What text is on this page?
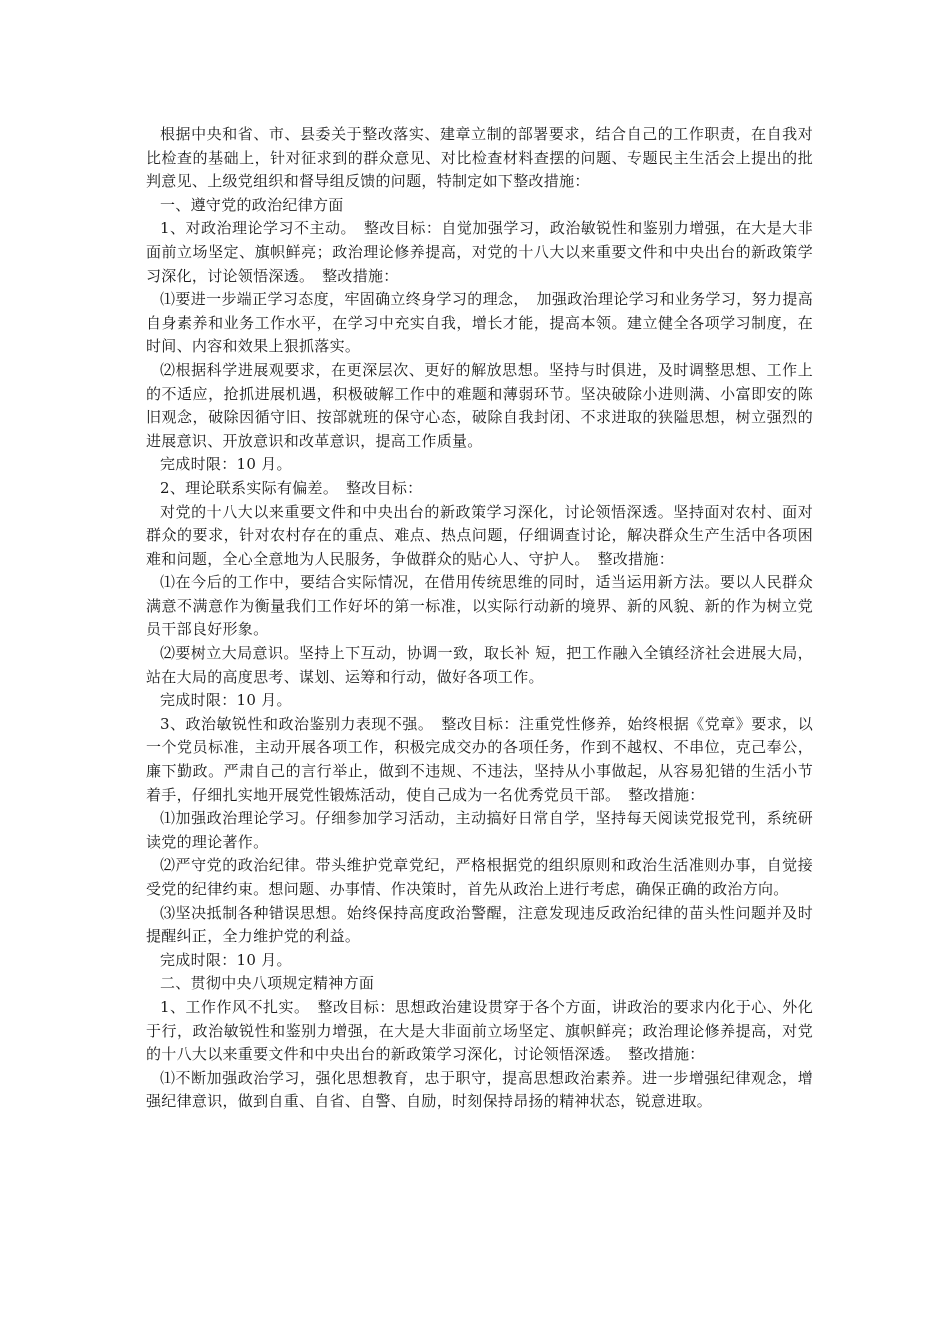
根据中央和省、市、县委关于整改落实、建章立制的部署要求，结合自己的工作职责，在自我对比检查的基础上，针对征求到的群众意见、对比检查材料查摆的问题、专题民主生活会上提出的批判意见、上级党组织和督导组反馈的问题，特制定如下整改措施：

一、遵守党的政治纪律方面

1、对政治理论学习不主动。　整改目标：自觉加强学习，政治敏锐性和鉴别力增强，在大是大非面前立场坚定、旗帜鲜亮；政治理论修养提高，对党的十八大以来重要文件和中央出台的新政策学习深化，讨论领悟深透。　整改措施：

⑴要进一步端正学习态度，牢固确立终身学习的理念，　加强政治理论学习和业务学习，努力提高自身素养和业务工作水平，在学习中充实自我，增长才能，提高本领。建立健全各项学习制度，在时间、内容和效果上狠抓落实。

⑵根据科学进展观要求，在更深层次、更好的解放思想。坚持与时俱进，及时调整思想、工作上的不适应，抢抓进展机遇，积极破解工作中的难题和薄弱环节。坚决破除小进则满、小富即安的陈旧观念，破除因循守旧、按部就班的保守心态，破除自我封闭、不求进取的狭隘思想，树立强烈的进展意识、开放意识和改革意识，提高工作质量。

完成时限：10 月。

2、理论联系实际有偏差。　整改目标：

对党的十八大以来重要文件和中央出台的新政策学习深化，讨论领悟深透。坚持面对农村、面对群众的要求，针对农村存在的重点、难点、热点问题，仔细调查讨论，解决群众生产生活中各项困难和问题，全心全意地为人民服务，争做群众的贴心人、守护人。　整改措施：

⑴在今后的工作中，要结合实际情况，在借用传统思维的同时，适当运用新方法。要以人民群众满意不满意作为衡量我们工作好坏的第一标准，以实际行动新的境界、新的风貌、新的作为树立党员干部良好形象。

⑵要树立大局意识。坚持上下互动，协调一致，取长补 短，把工作融入全镇经济社会进展大局，站在大局的高度思考、谋划、运筹和行动，做好各项工作。

完成时限：10 月。

3、政治敏锐性和政治鉴别力表现不强。　整改目标：注重党性修养，始终根据《党章》要求，以一个党员标准，主动开展各项工作，积极完成交办的各项任务，作到不越权、不串位，克己奉公，廉下勤政。严肃自己的言行举止，做到不违规、不违法，坚持从小事做起，从容易犯错的生活小节着手，仔细扎实地开展党性锻炼活动，使自己成为一名优秀党员干部。　整改措施：

⑴加强政治理论学习。仔细参加学习活动，主动搞好日常自学，坚持每天阅读党报党刊，系统研读党的理论著作。

⑵严守党的政治纪律。带头维护党章党纪，严格根据党的组织原则和政治生活准则办事，自觉接受党的纪律约束。想问题、办事情、作决策时，首先从政治上进行考虑，确保正确的政治方向。

⑶坚决抵制各种错误思想。始终保持高度政治警醒，注意发现违反政治纪律的苗头性问题并及时提醒纠正，全力维护党的利益。

完成时限：10 月。

二、贯彻中央八项规定精神方面

1、工作作风不扎实。　整改目标：思想政治建设贯穿于各个方面，讲政治的要求内化于心、外化于行，政治敏锐性和鉴别力增强，在大是大非面前立场坚定、旗帜鲜亮；政治理论修养提高，对党的十八大以来重要文件和中央出台的新政策学习深化，讨论领悟深透。　整改措施：

⑴不断加强政治学习，强化思想教育，忠于职守，提高思想政治素养。进一步增强纪律观念，增强纪律意识，做到自重、自省、自警、自励，时刻保持昂扬的精神状态，锐意进取。
